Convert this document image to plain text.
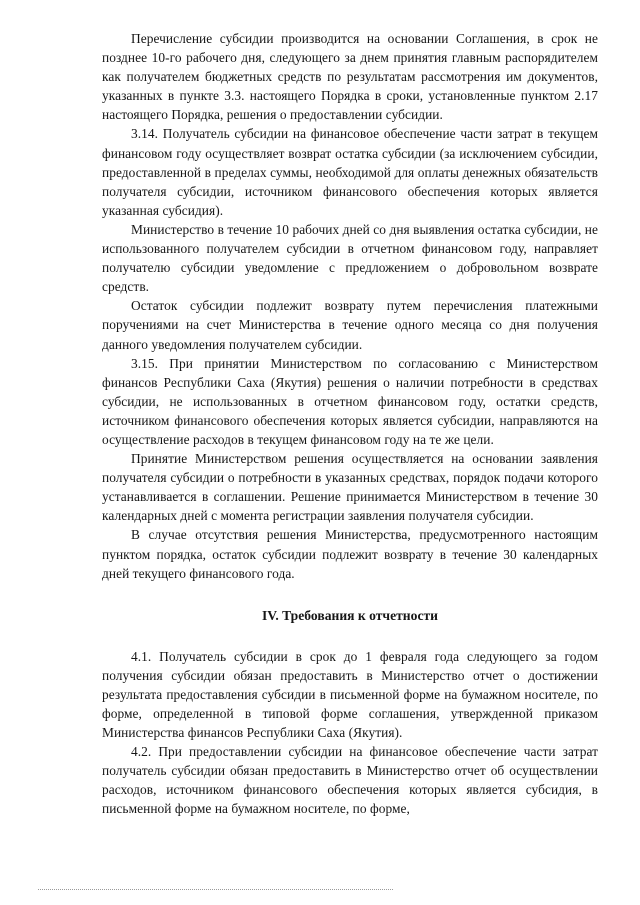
Перечисление субсидии производится на основании Соглашения, в срок не позднее 10-го рабочего дня, следующего за днем принятия главным распорядителем как получателем бюджетных средств по результатам рассмотрения им документов, указанных в пункте 3.3. настоящего Порядка в сроки, установленные пунктом 2.17 настоящего Порядка, решения о предоставлении субсидии.

3.14. Получатель субсидии на финансовое обеспечение части затрат в текущем финансовом году осуществляет возврат остатка субсидии (за исключением субсидии, предоставленной в пределах суммы, необходимой для оплаты денежных обязательств получателя субсидии, источником финансового обеспечения которых является указанная субсидия).

Министерство в течение 10 рабочих дней со дня выявления остатка субсидии, не использованного получателем субсидии в отчетном финансовом году, направляет получателю субсидии уведомление с предложением о добровольном возврате средств.

Остаток субсидии подлежит возврату путем перечисления платежными поручениями на счет Министерства в течение одного месяца со дня получения данного уведомления получателем субсидии.

3.15. При принятии Министерством по согласованию с Министерством финансов Республики Саха (Якутия) решения о наличии потребности в средствах субсидии, не использованных в отчетном финансовом году, остатки средств, источником финансового обеспечения которых является субсидии, направляются на осуществление расходов в текущем финансовом году на те же цели.

Принятие Министерством решения осуществляется на основании заявления получателя субсидии о потребности в указанных средствах, порядок подачи которого устанавливается в соглашении. Решение принимается Министерством в течение 30 календарных дней с момента регистрации заявления получателя субсидии.

В случае отсутствия решения Министерства, предусмотренного настоящим пунктом порядка, остаток субсидии подлежит возврату в течение 30 календарных дней текущего финансового года.

IV. Требования к отчетности

4.1. Получатель субсидии в срок до 1 февраля года следующего за годом получения субсидии обязан предоставить в Министерство отчет о достижении результата предоставления субсидии в письменной форме на бумажном носителе, по форме, определенной в типовой форме соглашения, утвержденной приказом Министерства финансов Республики Саха (Якутия).

4.2. При предоставлении субсидии на финансовое обеспечение части затрат получатель субсидии обязан предоставить в Министерство отчет об осуществлении расходов, источником финансового обеспечения которых является субсидия, в письменной форме на бумажном носителе, по форме,
